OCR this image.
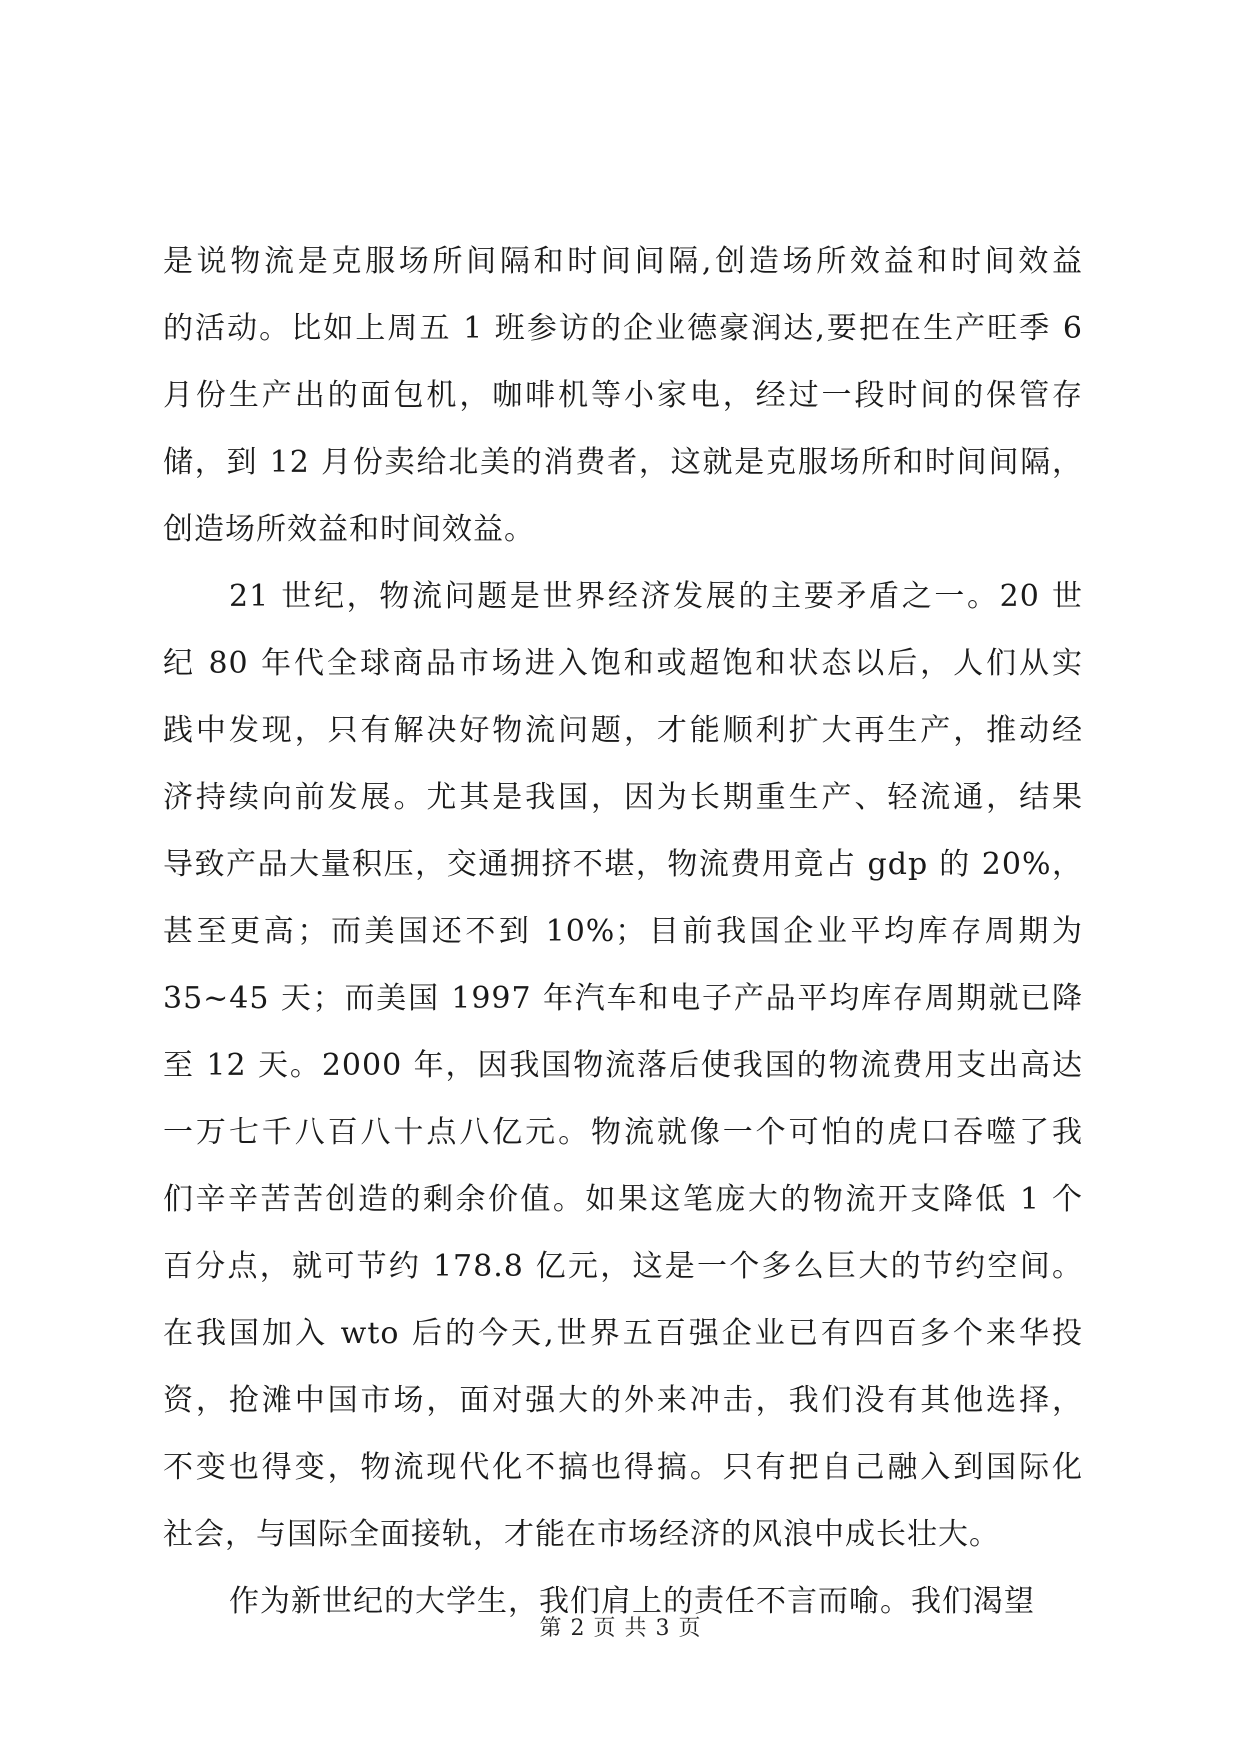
是说物流是克服场所间隔和时间间隔,创造场所效益和时间效益
的活动。比如上周五 1 班参访的企业德豪润达,要把在生产旺季 6
月份生产出的面包机，咖啡机等小家电，经过一段时间的保管存
储，到 12 月份卖给北美的消费者，这就是克服场所和时间间隔，
创造场所效益和时间效益。
21 世纪，物流问题是世界经济发展的主要矛盾之一。20 世
纪 80 年代全球商品市场进入饱和或超饱和状态以后，人们从实
践中发现，只有解决好物流问题，才能顺利扩大再生产，推动经
济持续向前发展。尤其是我国，因为长期重生产、轻流通，结果
导致产品大量积压，交通拥挤不堪，物流费用竟占 gdp 的 20%，
甚至更高；而美国还不到 10%；目前我国企业平均库存周期为
35~45 天；而美国 1997 年汽车和电子产品平均库存周期就已降
至 12 天。2000 年，因我国物流落后使我国的物流费用支出高达
一万七千八百八十点八亿元。物流就像一个可怕的虎口吞噬了我
们辛辛苦苦创造的剩余价值。如果这笔庞大的物流开支降低 1 个
百分点，就可节约 178.8 亿元，这是一个多么巨大的节约空间。
在我国加入 wto 后的今天,世界五百强企业已有四百多个来华投
资，抢滩中国市场，面对强大的外来冲击，我们没有其他选择，
不变也得变，物流现代化不搞也得搞。只有把自己融入到国际化
社会，与国际全面接轨，才能在市场经济的风浪中成长壮大。
作为新世纪的大学生，我们肩上的责任不言而喻。我们渴望
第 2 页 共 3 页
